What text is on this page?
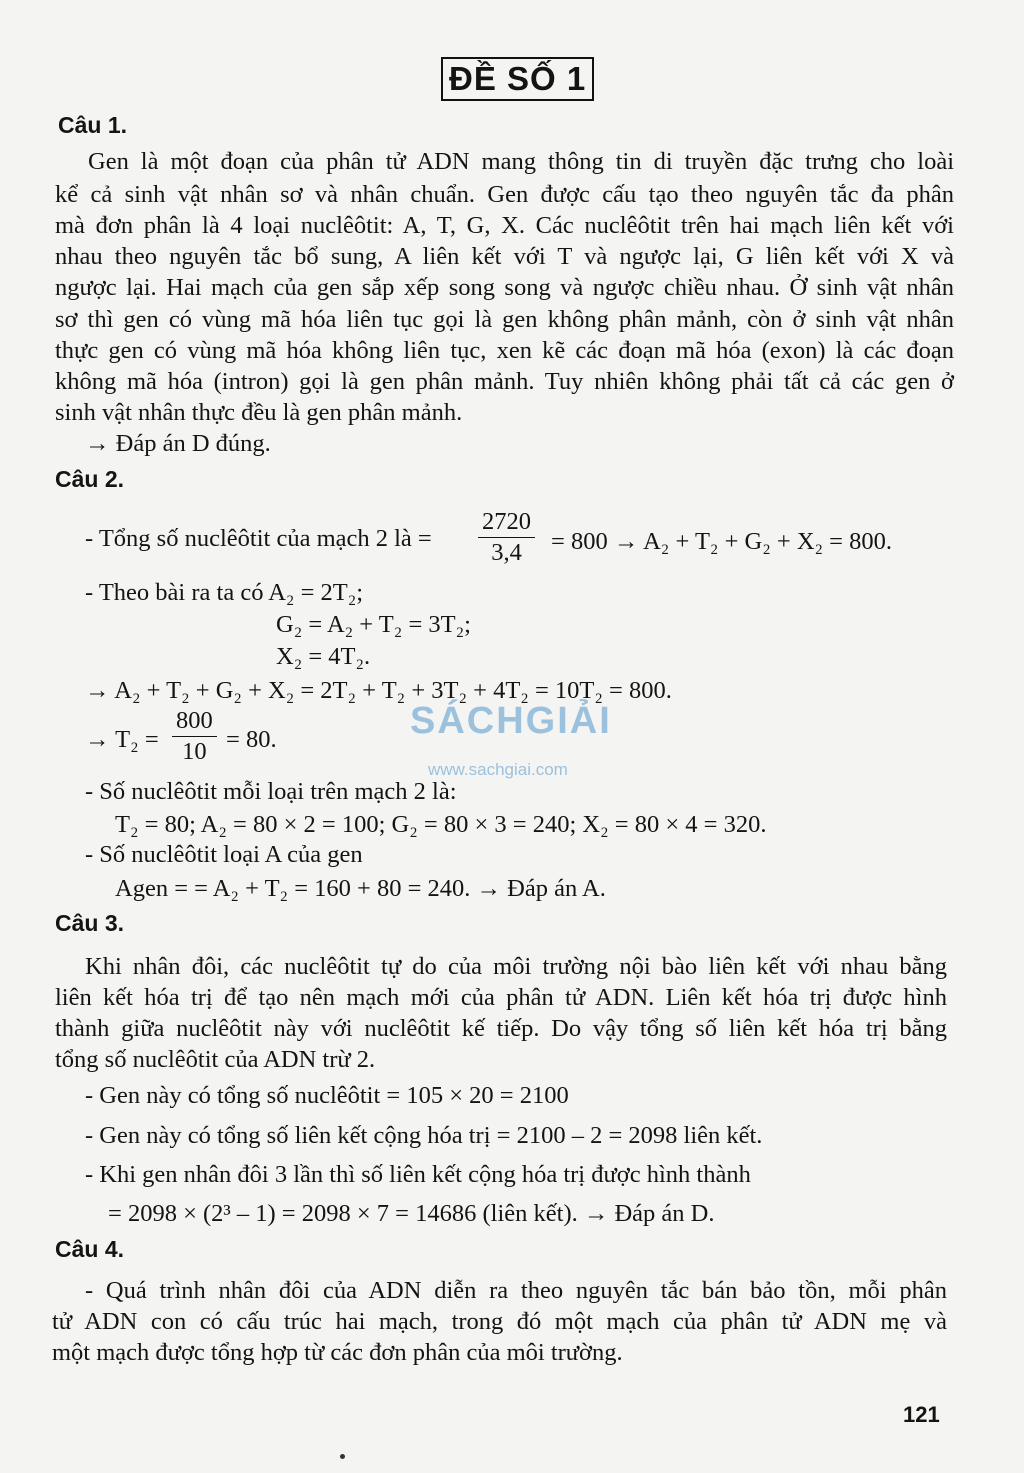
ĐỀ SỐ 1
Câu 1.
Gen là một đoạn của phân tử ADN mang thông tin di truyền đặc trưng cho loài
kể cả sinh vật nhân sơ và nhân chuẩn. Gen được cấu tạo theo nguyên tắc đa phân
mà đơn phân là 4 loại nuclêôtit: A, T, G, X. Các nuclêôtit trên hai mạch liên kết với
nhau theo nguyên tắc bổ sung, A liên kết với T và ngược lại, G liên kết với X và
ngược lại. Hai mạch của gen sắp xếp song song và ngược chiều nhau. Ở sinh vật nhân
sơ thì gen có vùng mã hóa liên tục gọi là gen không phân mảnh, còn ở sinh vật nhân
thực gen có vùng mã hóa không liên tục, xen kẽ các đoạn mã hóa (exon) là các đoạn
không mã hóa (intron) gọi là gen phân mảnh. Tuy nhiên không phải tất cả các gen ở
sinh vật nhân thực đều là gen phân mảnh.
→ Đáp án D đúng.
Câu 2.
- Tổng số nuclêôtit của mạch 2 là = $\frac{2720}{3,4} = 800 \to A_2 + T_2 + G_2 + X_2 = 800$.
- Theo bài ra ta có A₂ = 2T₂;
G₂ = A₂ + T₂ = 3T₂;
X₂ = 4T₂.
→ A₂ + T₂ + G₂ + X₂ = 2T₂ + T₂ + 3T₂ + 4T₂ = 10T₂ = 800.
→ $T_2 = \frac{800}{10} = 80$.
- Số nuclêôtit mỗi loại trên mạch 2 là:
T₂ = 80; A₂ = 80 × 2 = 100; G₂ = 80 × 3 = 240; X₂ = 80 × 4 = 320.
- Số nuclêôtit loại A của gen
Agen = = A₂ + T₂ = 160 + 80 = 240. → Đáp án A.
Câu 3.
Khi nhân đôi, các nuclêôtit tự do của môi trường nội bào liên kết với nhau bằng
liên kết hóa trị để tạo nên mạch mới của phân tử ADN. Liên kết hóa trị được hình
thành giữa nuclêôtit này với nuclêôtit kế tiếp. Do vậy tổng số liên kết hóa trị bằng
tổng số nuclêôtit của ADN trừ 2.
- Gen này có tổng số nuclêôtit = 105 × 20 = 2100
- Gen này có tổng số liên kết cộng hóa trị = 2100 – 2 = 2098 liên kết.
- Khi gen nhân đôi 3 lần thì số liên kết cộng hóa trị được hình thành
= 2098 × (2³ – 1) = 2098 × 7 = 14686 (liên kết). → Đáp án D.
Câu 4.
- Quá trình nhân đôi của ADN diễn ra theo nguyên tắc bán bảo tồn, mỗi phân
tử ADN con có cấu trúc hai mạch, trong đó một mạch của phân tử ADN mẹ và
một mạch được tổng hợp từ các đơn phân của môi trường.
SÁCHGIẢI
www.sachgiai.com
121
